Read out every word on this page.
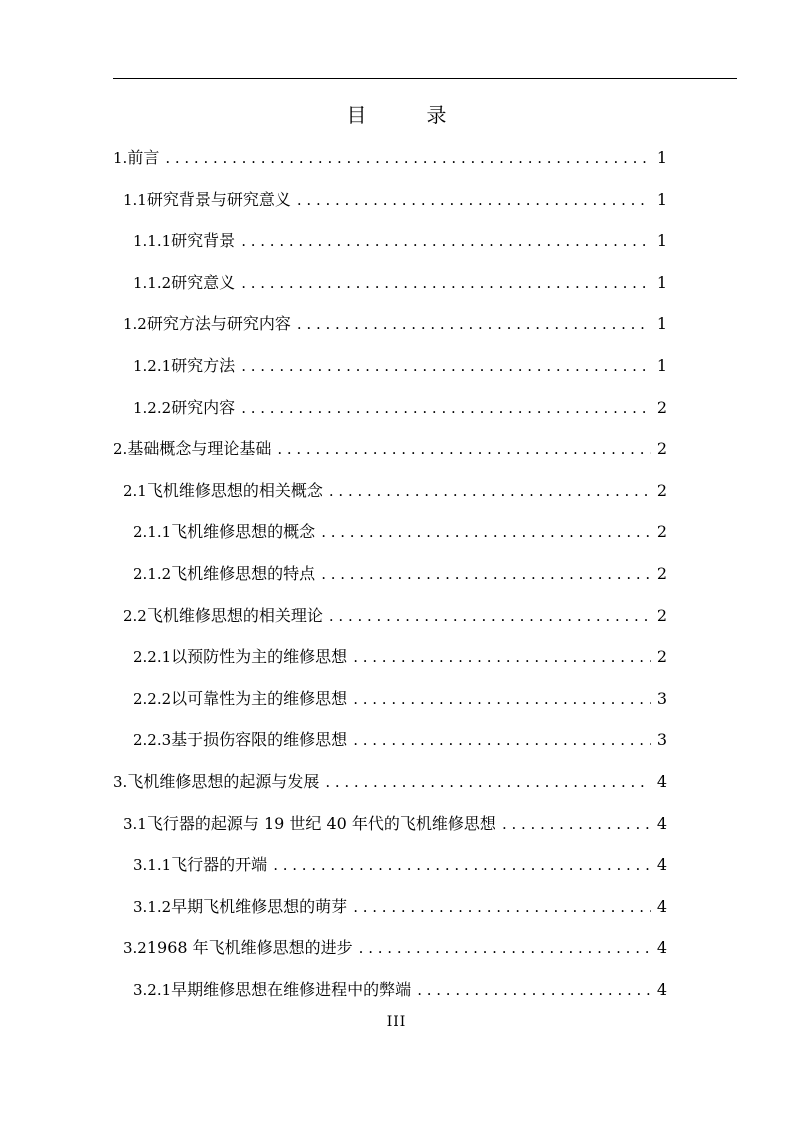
目　录
1. 前言 . . .	1
1.1 研究背景与研究意义 . . .	1
1.1.1 研究背景 . . .	1
1.1.2 研究意义 . . .	1
1.2 研究方法与研究内容 . . .	1
1.2.1 研究方法 . . .	1
1.2.2 研究内容 . . .	2
2. 基础概念与理论基础 . . .	2
2.1 飞机维修思想的相关概念 . . .	2
2.1.1 飞机维修思想的概念 . . .	2
2.1.2 飞机维修思想的特点 . . .	2
2.2 飞机维修思想的相关理论 . . .	2
2.2.1 以预防性为主的维修思想 . . .	2
2.2.2 以可靠性为主的维修思想 . . .	3
2.2.3 基于损伤容限的维修思想 . . .	3
3. 飞机维修思想的起源与发展 . . .	4
3.1 飞行器的起源与 19 世纪 40 年代的飞机维修思想 . . .	4
3.1.1 飞行器的开端 . . .	4
3.1.2 早期飞机维修思想的萌芽 . . .	4
3.2 1968 年飞机维修思想的进步 . . .	4
3.2.1 早期维修思想在维修进程中的弊端 . . .	4
III
